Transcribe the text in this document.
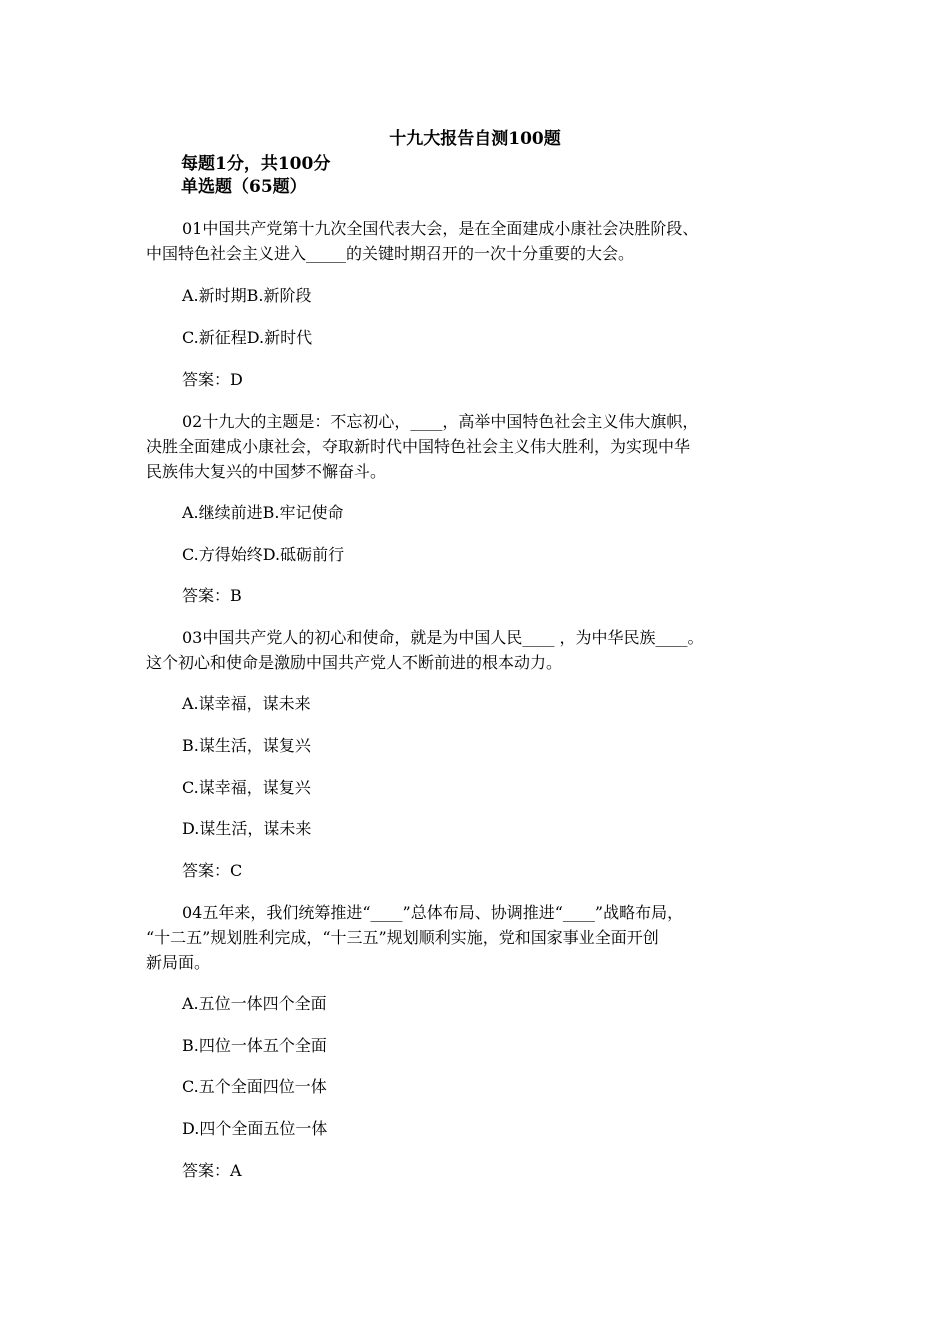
十九大报告自测100题
每题1分，共100分
单选题（65题）

01中国共产党第十九次全国代表大会，是在全面建成小康社会决胜阶段、

中国特色社会主义进入_____的关键时期召开的一次十分重要的大会。

A.新时期B.新阶段

C.新征程D.新时代

答案：D

02十九大的主题是：不忘初心，____，高举中国特色社会主义伟大旗帜，

决胜全面建成小康社会，夺取新时代中国特色社会主义伟大胜利，为实现中华

民族伟大复兴的中国梦不懈奋斗。

A.继续前进B.牢记使命

C.方得始终D.砥砺前行

答案：B

03中国共产党人的初心和使命，就是为中国人民____ ，为中华民族____。

这个初心和使命是激励中国共产党人不断前进的根本动力。

A.谋幸福，谋未来

B.谋生活，谋复兴

C.谋幸福，谋复兴

D.谋生活，谋未来

答案：C

04五年来，我们统筹推进“____”总体布局、协调推进“____”战略布局，

“十二五”规划胜利完成，“十三五”规划顺利实施，党和国家事业全面开创

新局面。

A.五位一体四个全面

B.四位一体五个全面

C.五个全面四位一体

D.四个全面五位一体

答案：A
